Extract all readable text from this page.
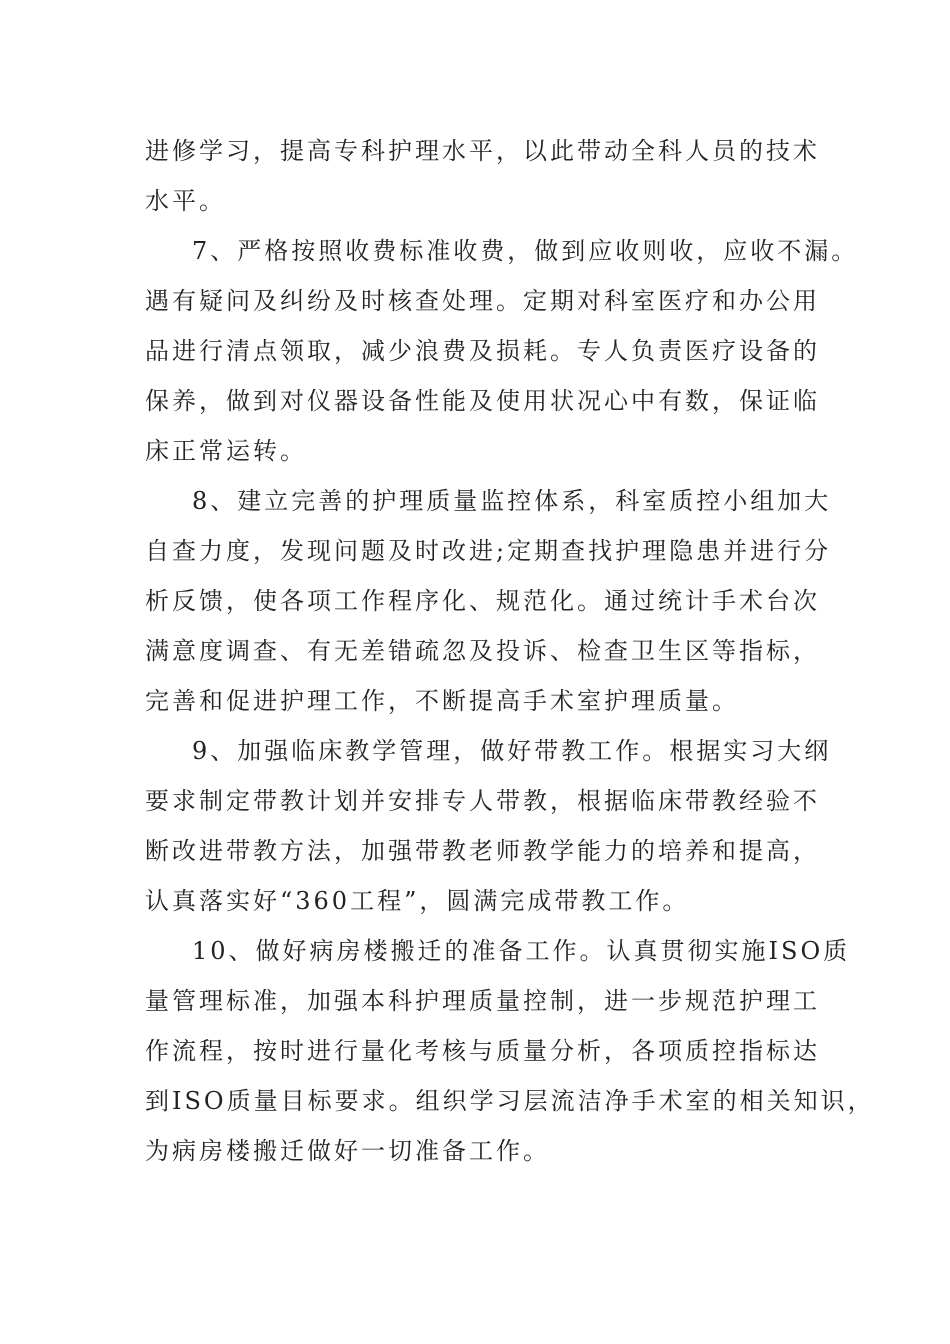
进修学习，提高专科护理水平，以此带动全科人员的技术

水平。

7、严格按照收费标准收费，做到应收则收，应收不漏。

遇有疑问及纠纷及时核查处理。定期对科室医疗和办公用

品进行清点领取，减少浪费及损耗。专人负责医疗设备的

保养，做到对仪器设备性能及使用状况心中有数，保证临

床正常运转。

8、建立完善的护理质量监控体系，科室质控小组加大

自查力度，发现问题及时改进;定期查找护理隐患并进行分

析反馈，使各项工作程序化、规范化。通过统计手术台次

满意度调查、有无差错疏忽及投诉、检查卫生区等指标，

完善和促进护理工作，不断提高手术室护理质量。

9、加强临床教学管理，做好带教工作。根据实习大纲

要求制定带教计划并安排专人带教，根据临床带教经验不

断改进带教方法，加强带教老师教学能力的培养和提高，

认真落实好“360工程”，圆满完成带教工作。

10、做好病房楼搬迁的准备工作。认真贯彻实施ISO质

量管理标准，加强本科护理质量控制，进一步规范护理工

作流程，按时进行量化考核与质量分析，各项质控指标达

到ISO质量目标要求。组织学习层流洁净手术室的相关知识，

为病房楼搬迁做好一切准备工作。
